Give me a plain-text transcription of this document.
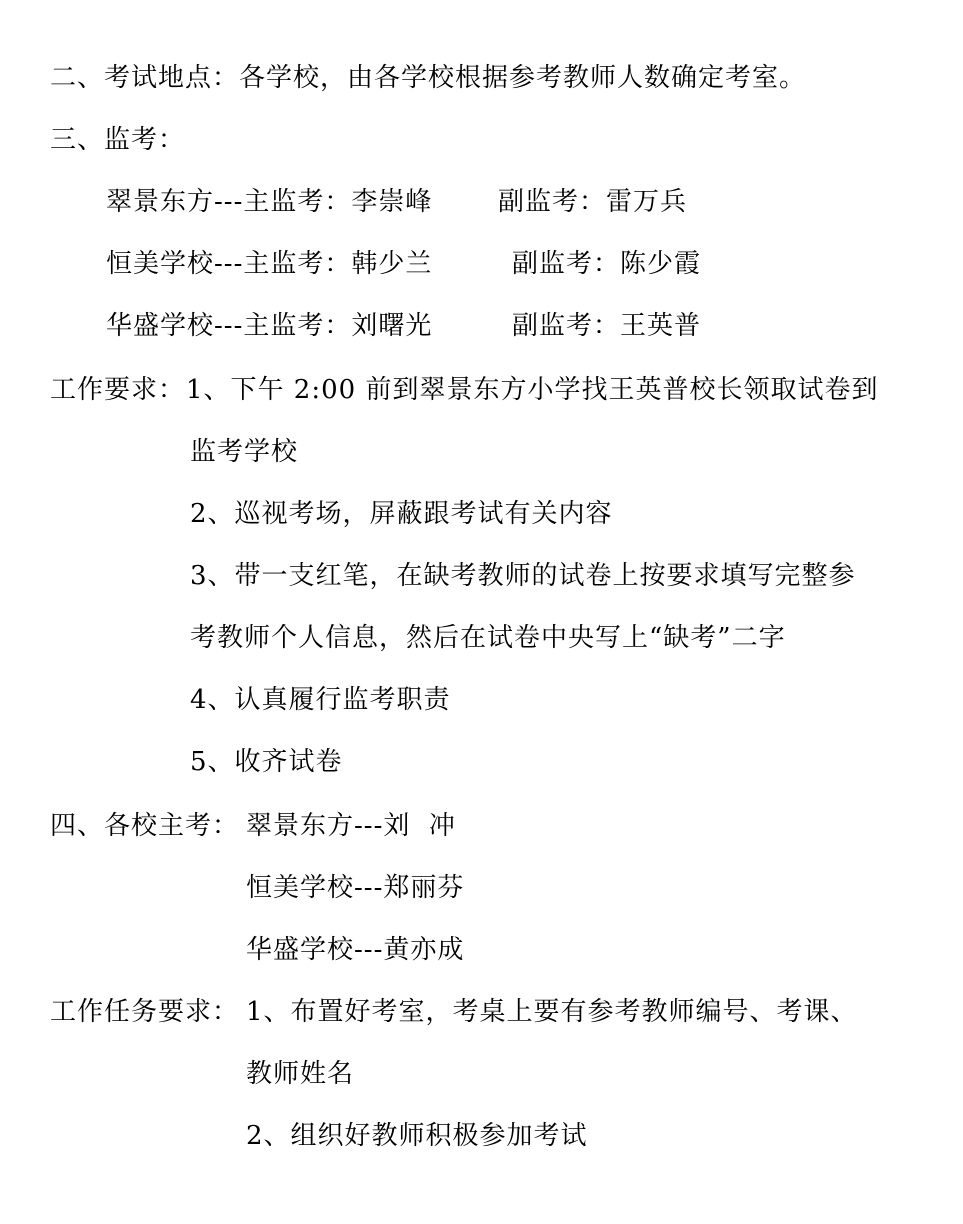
二、考试地点：各学校，由各学校根据参考教师人数确定考室。
三、监考：
翠景东方---主监考：李崇峰	副监考：雷万兵
恒美学校---主监考：韩少兰	副监考：陈少霞
华盛学校---主监考：刘曙光	副监考：王英普
工作要求： 1、下午 2:00 前到翠景东方小学找王英普校长领取试卷到
监考学校
2、巡视考场，屏蔽跟考试有关内容
3、带一支红笔，在缺考教师的试卷上按要求填写完整参
考教师个人信息，然后在试卷中央写上“缺考”二字
4、认真履行监考职责
5、收齐试卷
四、各校主考： 翠景东方---刘  冲
恒美学校---郑丽芬
华盛学校---黄亦成
工作任务要求： 1、布置好考室，考桌上要有参考教师编号、考课、
教师姓名
2、组织好教师积极参加考试
